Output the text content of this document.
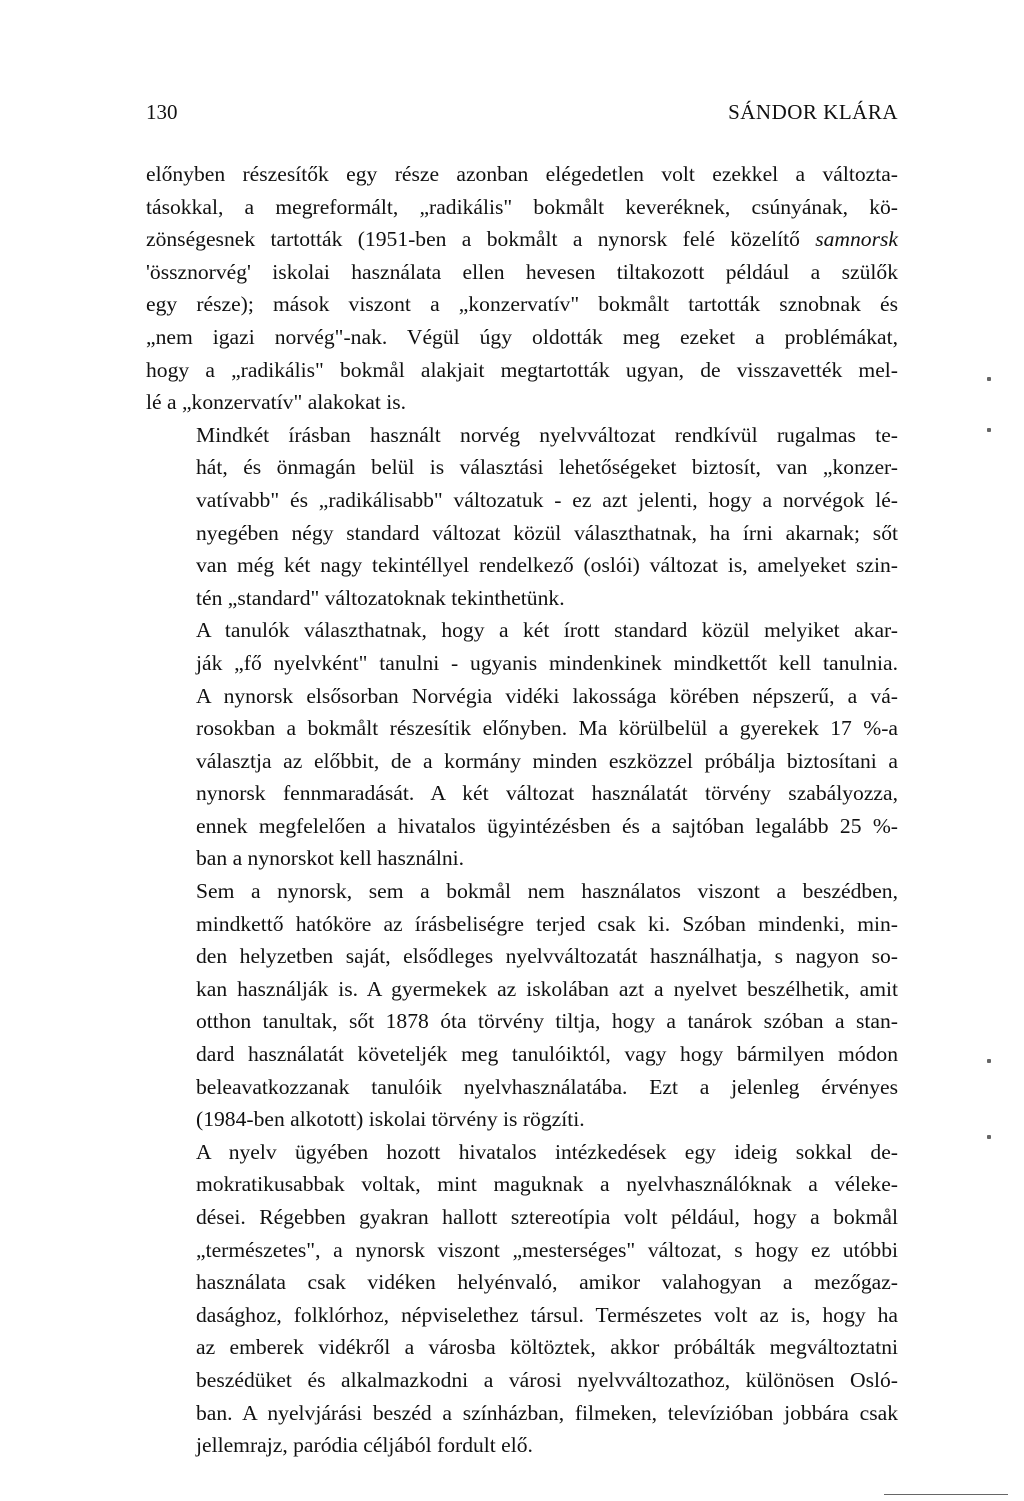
130	SÁNDOR KLÁRA

előnyben részesítők egy része azonban elégedetlen volt ezekkel a változta-
tásokkal, a megreformált, „radikális" bokmålt keveréknek, csúnyának, kö-
zönségesnek tartották (1951-ben a bokmålt a nynorsk felé közelítő samnorsk
'össznorvég' iskolai használata ellen hevesen tiltakozott például a szülők
egy része); mások viszont a „konzervatív" bokmålt tartották sznobnak és
„nem igazi norvég"-nak. Végül úgy oldották meg ezeket a problémákat,
hogy a „radikális" bokmål alakjait megtartották ugyan, de visszavették mel-
lé a „konzervatív" alakokat is.

Mindkét írásban használt norvég nyelvváltozat rendkívül rugalmas te-
hát, és önmagán belül is választási lehetőségeket biztosít, van „konzer-
vatívabb" és „radikálisabb" változatuk - ez azt jelenti, hogy a norvégok lé-
nyegében négy standard változat közül választhatnak, ha írni akarnak; sőt
van még két nagy tekintéllyel rendelkező (oslói) változat is, amelyeket szin-
tén „standard" változatoknak tekinthetünk.

A tanulók választhatnak, hogy a két írott standard közül melyiket akar-
ják „fő nyelvként" tanulni - ugyanis mindenkinek mindkettőt kell tanulnia.
A nynorsk elsősorban Norvégia vidéki lakossága körében népszerű, a vá-
rosokban a bokmålt részesítik előnyben. Ma körülbelül a gyerekek 17 %-a
választja az előbbit, de a kormány minden eszközzel próbálja biztosítani a
nynorsk fennmaradását. A két változat használatát törvény szabályozza,
ennek megfelelően a hivatalos ügyintézésben és a sajtóban legalább 25 %-
ban a nynorskot kell használni.

Sem a nynorsk, sem a bokmål nem használatos viszont a beszédben,
mindkettő hatóköre az írásbeliségre terjed csak ki. Szóban mindenki, min-
den helyzetben saját, elsődleges nyelvváltozatát használhatja, s nagyon so-
kan használják is. A gyermekek az iskolában azt a nyelvet beszélhetik, amit
otthon tanultak, sőt 1878 óta törvény tiltja, hogy a tanárok szóban a stan-
dard használatát követeljék meg tanulóiktól, vagy hogy bármilyen módon
beleavatkozzanak tanulóik nyelvhasználatába. Ezt a jelenleg érvényes
(1984-ben alkotott) iskolai törvény is rögzíti.

A nyelv ügyében hozott hivatalos intézkedések egy ideig sokkal de-
mokratikusabbak voltak, mint maguknak a nyelvhasználóknak a véleke-
dései. Régebben gyakran hallott sztereotípia volt például, hogy a bokmål
„természetes", a nynorsk viszont „mesterséges" változat, s hogy ez utóbbi
használata csak vidéken helyénvaló, amikor valahogyan a mezőgaz-
dasághoz, folklórhoz, népviselethez társul. Természetes volt az is, hogy ha
az emberek vidékről a városba költöztek, akkor próbálták megváltoztatni
beszédüket és alkalmazkodni a városi nyelvváltozathoz, különösen Osló-
ban. A nyelvjárási beszéd a színházban, filmeken, televízióban jobbára csak
jellemrajz, paródia céljából fordult elő.
